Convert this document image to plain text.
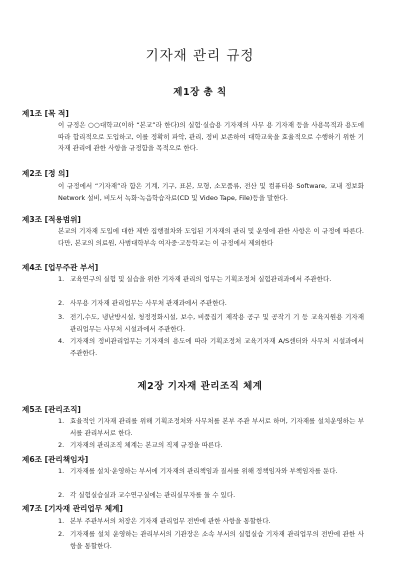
기자재 관리 규정
제1장 총 칙
제1조 [목 적]
이 규정은 ○○대학교(이하 “본교”라 한다)의 실험·실습용 기자재의 사무 용 기자재 등을 사용목적과 용도에 따라 합리적으로 도입하고, 이를 정확히 파악, 관리, 정비 보존하여 대학교육을 효율적으로 수행하기 위한 기자재 관리에 관한 사항을 규정함을 목적으로 한다.
제2조 [정 의]
이 규정에서 “기자재”라 함은 기계, 기구, 표본, 모형, 소모품류, 전산 및 컴퓨터용 Software, 교내 정보화 Network 설비, 비도서 녹화·녹음학습자료(CD 및 Video Tape, File)등을 말한다.
제3조 [적용범위]
본교의 기자재 도입에 대한 제반 집행절차와 도입된 기자재의 관리 및 운영에 관한 사항은 이 규정에 따른다. 다만, 본교의 의료원, 사범대학부속 여자중·고등학교는 이 규정에서 제외한다
제4조 [업무주관 부서]
1. 교육연구의 실험 및 실습을 위한 기자재 관리의 업무는 기획조정처 실험관리과에서 주관한다.
2. 사무용 기자재 관리업무는 사무처 관재과에서 주관한다.
3. 전기,수도, 냉난방시설, 청정정화시설, 보수, 비품집기 제작용 공구 및 공작기 기 등 교육지원용 기자재 관리업무는 사무처 시설과에서 주관한다.
4. 기자재의 정비관리업무는 기자재의 용도에 따라 기획조정처 교육기자재 A/S센터와 사무처 시설과에서 주관한다.
제2장 기자재 관리조직 체계
제5조 [관리조직]
1. 효율적인 기자재 관리를 위해 기획조정처와 사무처를 본부 주관 부서로 하며, 기자재를 설치운영하는 부서를 관리부서로 한다.
2. 기자재의 관리조직 체계는 본교의 직제 규정을 따른다.
제6조 [관리책임자]
1. 기자재를 설치·운영하는 부서에 기자재의 관리책임과 질서를 위해 정책임자와 부책임자를 둔다.
2. 각 실험실습실과 교수연구실에는 관리실무자를 둘 수 있다.
제7조 [기자재 관리업무 체계]
1. 본부 주관부서의 처장은 기자재 관리업무 전반에 관한 사항을 통할한다.
2. 기자재를 설치 운영하는 관리부서의 기관장은 소속 부서의 실험실습 기자재 관리업무의 전반에 관한 사항을 통할한다.
